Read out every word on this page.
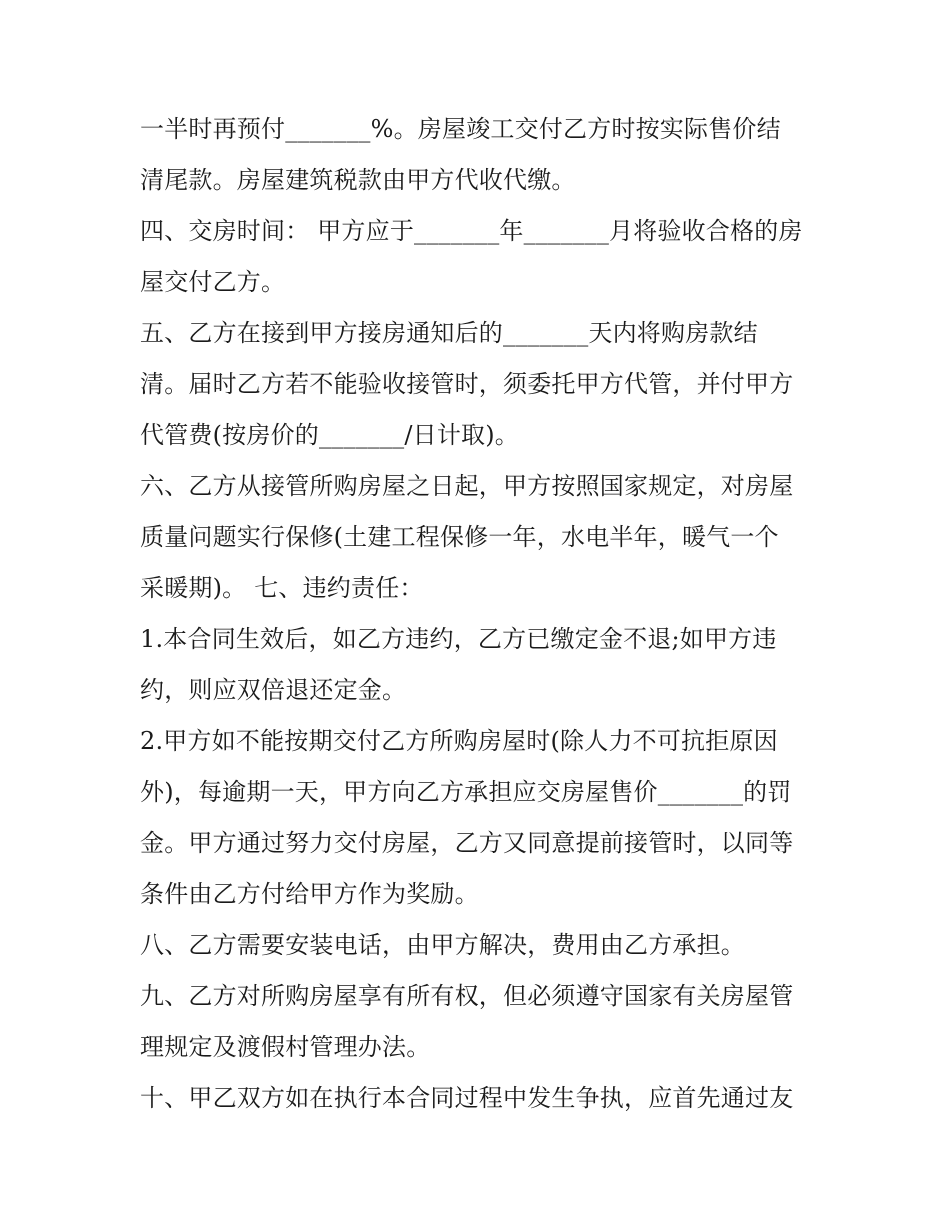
一半时再预付_______%。房屋竣工交付乙方时按实际售价结
清尾款。房屋建筑税款由甲方代收代缴。
四、交房时间： 甲方应于_______年_______月将验收合格的房
屋交付乙方。
五、乙方在接到甲方接房通知后的_______天内将购房款结
清。届时乙方若不能验收接管时，须委托甲方代管，并付甲方
代管费(按房价的_______/日计取)。
六、乙方从接管所购房屋之日起，甲方按照国家规定，对房屋
质量问题实行保修(土建工程保修一年，水电半年，暖气一个
采暖期)。 七、违约责任：
1.本合同生效后，如乙方违约，乙方已缴定金不退;如甲方违
约，则应双倍退还定金。
2.甲方如不能按期交付乙方所购房屋时(除人力不可抗拒原因
外)，每逾期一天，甲方向乙方承担应交房屋售价_______的罚
金。甲方通过努力交付房屋，乙方又同意提前接管时，以同等
条件由乙方付给甲方作为奖励。
八、乙方需要安装电话，由甲方解决，费用由乙方承担。
九、乙方对所购房屋享有所有权，但必须遵守国家有关房屋管
理规定及渡假村管理办法。
十、甲乙双方如在执行本合同过程中发生争执，应首先通过友
